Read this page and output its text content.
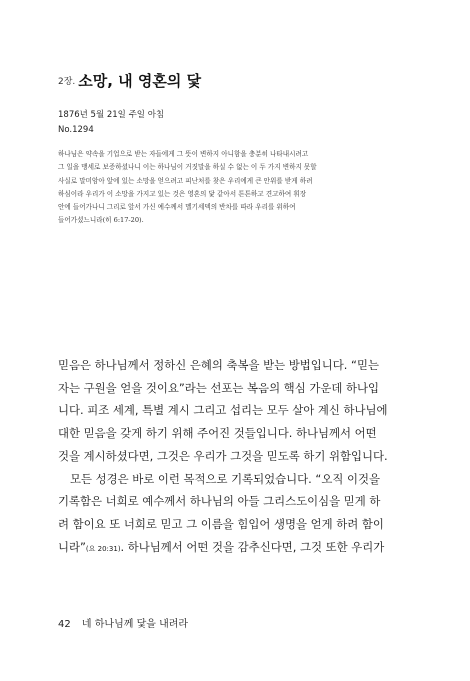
2장. 소망, 내 영혼의 닻
1876년 5월 21일 주일 아침
No.1294
하나님은 약속을 기업으로 받는 자들에게 그 뜻이 변하지 아니함을 충분히 나타내시려고
그 일을 맹세로 보증하셨나니 이는 하나님이 거짓말을 하실 수 없는 이 두 가지 변하지 못할
사실로 말미암아 앞에 있는 소망을 얻으려고 피난처를 찾은 우리에게 큰 안위를 받게 하려
하심이라 우리가 이 소망을 가지고 있는 것은 영혼의 닻 같아서 튼튼하고 견고하여 휘장
안에 들어가나니 그리로 앞서 가신 예수께서 멜기세덱의 반차를 따라 우리를 위하여
들어가셨느니라(히 6:17-20).
믿음은 하나님께서 정하신 은혜의 축복을 받는 방법입니다. “믿는
자는 구원을 얻을 것이요”라는 선포는 복음의 핵심 가운데 하나입
니다. 피조 세계, 특별 계시 그리고 섭리는 모두 살아 계신 하나님에
대한 믿음을 갖게 하기 위해 주어진 것들입니다. 하나님께서 어떤
것을 계시하셨다면, 그것은 우리가 그것을 믿도록 하기 위함입니다.
모든 성경은 바로 이런 목적으로 기록되었습니다. “오직 이것을
기록함은 너희로 예수께서 하나님의 아들 그리스도이심을 믿게 하
려 함이요 또 너희로 믿고 그 이름을 힘입어 생명을 얻게 하려 함이
니라”(요 20:31). 하나님께서 어떤 것을 감추신다면, 그것 또한 우리가
42 네 하나님께 닻을 내려라
